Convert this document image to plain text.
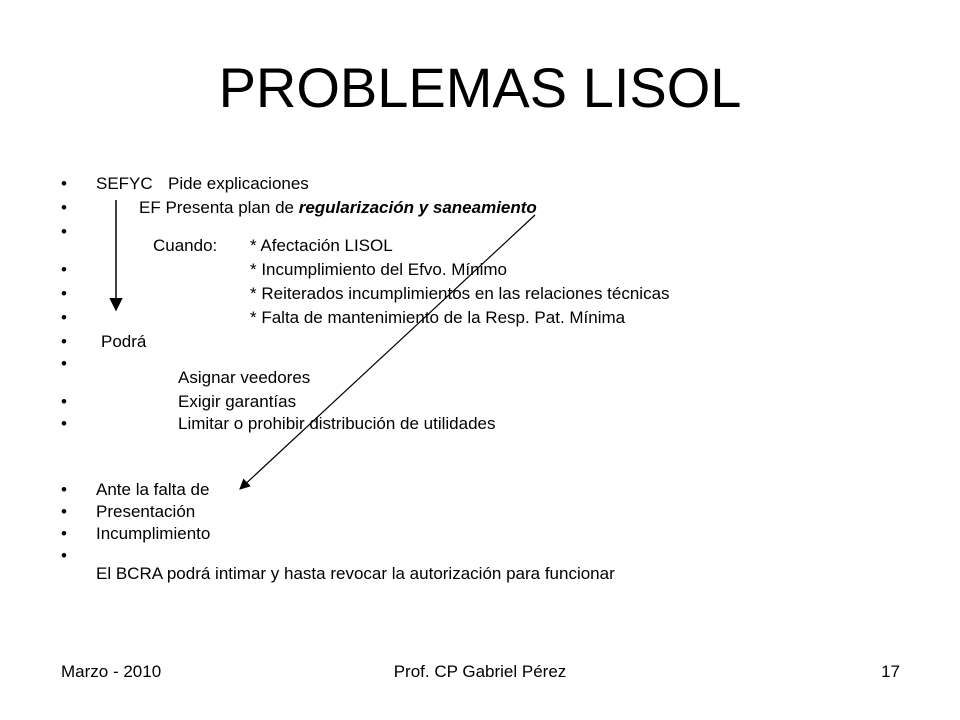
PROBLEMAS LISOL
• SEFYC Pide explicaciones
•	EF Presenta plan de regularización y saneamiento
•
Cuando: * Afectación LISOL
•	* Incumplimiento del Efvo. Mínimo
•	* Reiterados incumplimientos en las relaciones técnicas
•	* Falta de mantenimiento de la Resp. Pat. Mínima
• Podrá
•
Asignar veedores
•	Exigir garantías
•	Limitar o prohibir distribución de utilidades
• Ante la falta de
• Presentación
• Incumplimiento
•
El BCRA podrá intimar y hasta revocar la autorización para funcionar
Marzo - 2010	Prof. CP Gabriel Pérez	17
